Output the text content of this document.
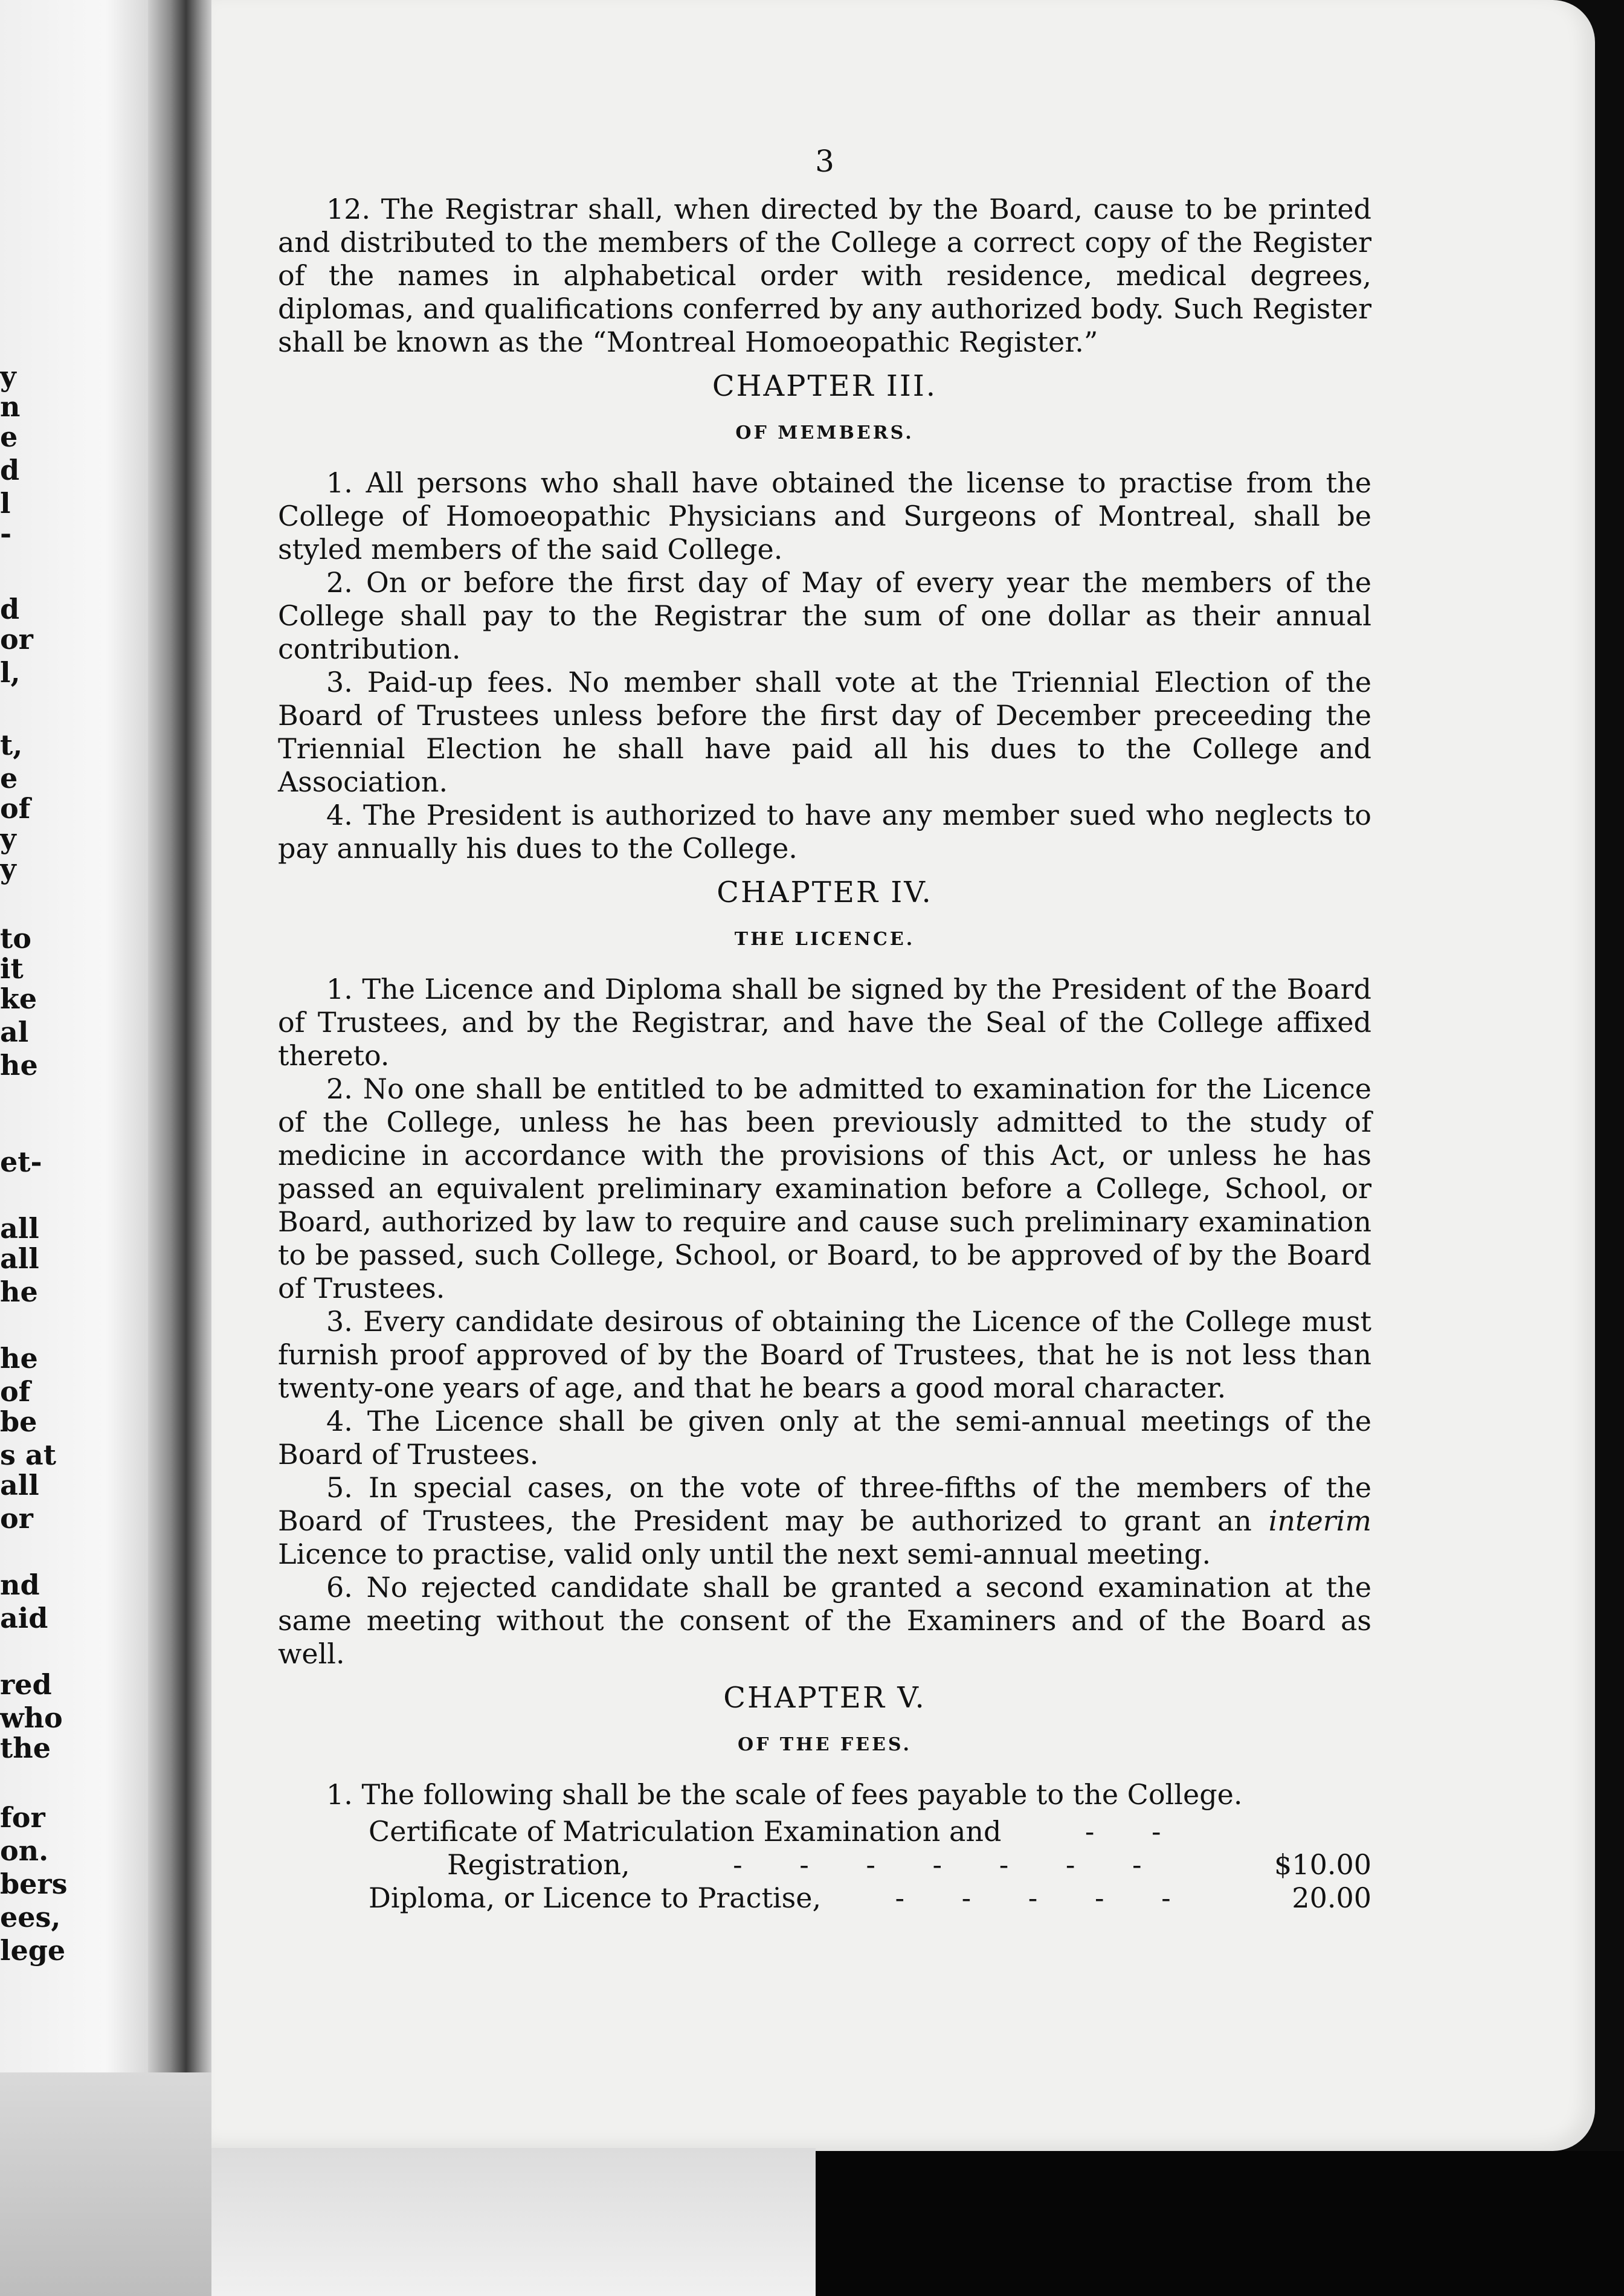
y
n
e
d
l
-
d
or
l,
t,
e
of
y
y
to
it
ke
al
he
et-
all
all
he
he
of
be
s at
all
or
nd
aid
red
who
the
for
on.
bers
ees,
lege
3

12. The Registrar shall, when directed by the Board, cause to be printed and distributed to the members of the College a correct copy of the Register of the names in alphabetical order with residence, medical degrees, diplomas, and qualifications conferred by any authorized body. Such Register shall be known as the “Montreal Homoeopathic Register.”

CHAPTER III.
OF MEMBERS.

1. All persons who shall have obtained the license to practise from the College of Homoeopathic Physicians and Surgeons of Montreal, shall be styled members of the said College.

2. On or before the first day of May of every year the members of the College shall pay to the Registrar the sum of one dollar as their annual contribution.

3. Paid-up fees. No member shall vote at the Triennial Election of the Board of Trustees unless before the first day of December preceeding the Triennial Election he shall have paid all his dues to the College and Association.

4. The President is authorized to have any member sued who neglects to pay annually his dues to the College.

CHAPTER IV.
THE LICENCE.

1. The Licence and Diploma shall be signed by the President of the Board of Trustees, and by the Registrar, and have the Seal of the College affixed thereto.

2. No one shall be entitled to be admitted to examination for the Licence of the College, unless he has been previously admitted to the study of medicine in accordance with the provisions of this Act, or unless he has passed an equivalent preliminary examination before a College, School, or Board, authorized by law to require and cause such preliminary examination to be passed, such College, School, or Board, to be approved of by the Board of Trustees.

3. Every candidate desirous of obtaining the Licence of the College must furnish proof approved of by the Board of Trustees, that he is not less than twenty-one years of age, and that he bears a good moral character.

4. The Licence shall be given only at the semi-annual meetings of the Board of Trustees.

5. In special cases, on the vote of three-fifths of the members of the Board of Trustees, the President may be authorized to grant an interim Licence to practise, valid only until the next semi-annual meeting.

6. No rejected candidate shall be granted a second examination at the same meeting without the consent of the Examiners and of the Board as well.

CHAPTER V.
OF THE FEES.

1. The following shall be the scale of fees payable to the College.

Certificate of Matriculation Examination and	- -
Registration,	- - - - - - -	$10.00
Diploma, or Licence to Practise,	- - - - -	20.00
